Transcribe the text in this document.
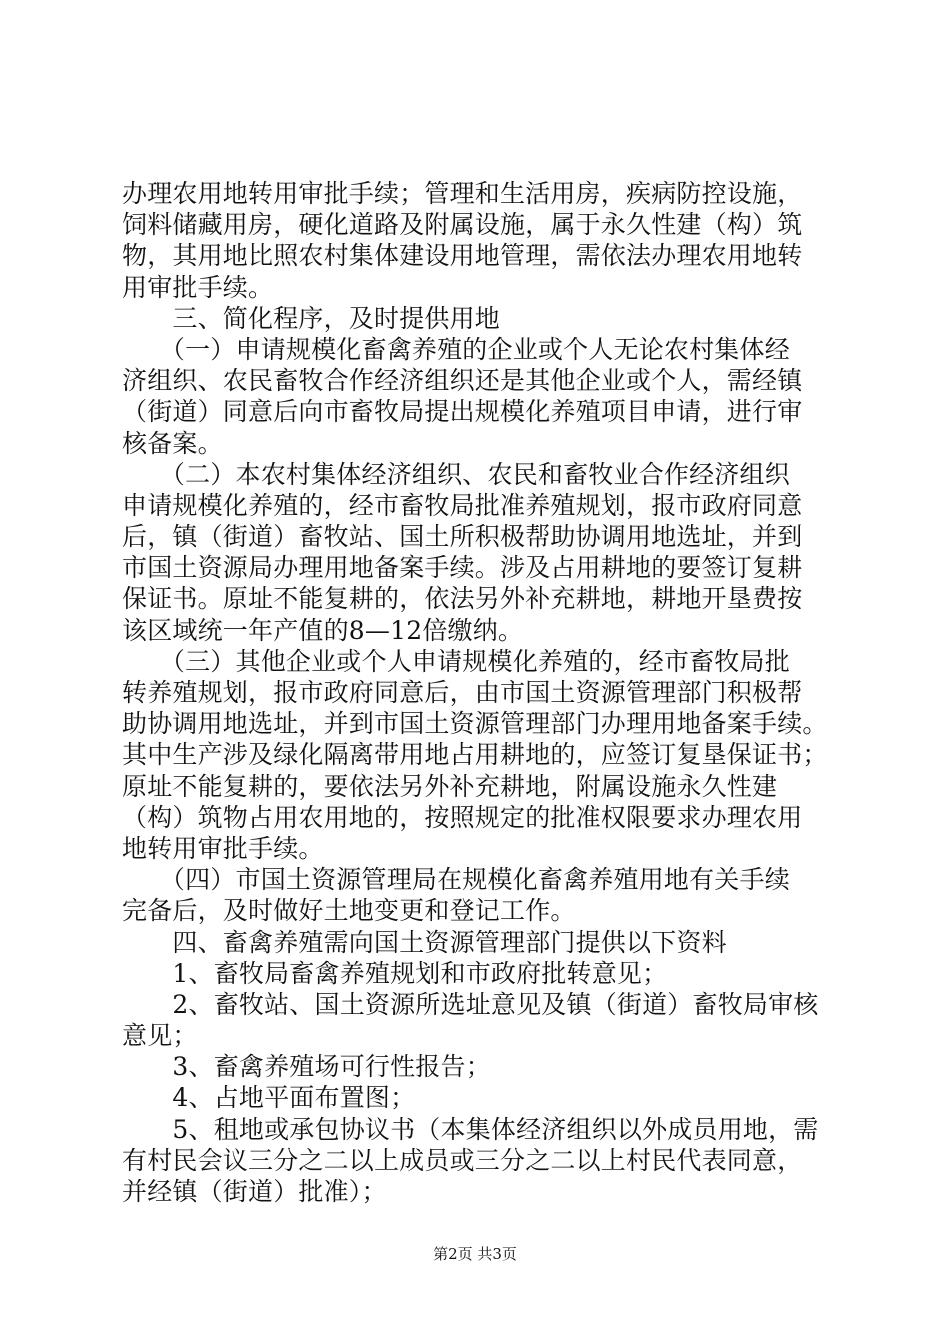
办理农用地转用审批手续；管理和生活用房，疾病防控设施，
饲料储藏用房，硬化道路及附属设施，属于永久性建（构）筑
物，其用地比照农村集体建设用地管理，需依法办理农用地转
用审批手续。
　　三、简化程序，及时提供用地
　　（一）申请规模化畜禽养殖的企业或个人无论农村集体经
济组织、农民畜牧合作经济组织还是其他企业或个人，需经镇
（街道）同意后向市畜牧局提出规模化养殖项目申请，进行审
核备案。
　　（二）本农村集体经济组织、农民和畜牧业合作经济组织
申请规模化养殖的，经市畜牧局批准养殖规划，报市政府同意
后，镇（街道）畜牧站、国土所积极帮助协调用地选址，并到
市国土资源局办理用地备案手续。涉及占用耕地的要签订复耕
保证书。原址不能复耕的，依法另外补充耕地，耕地开垦费按
该区域统一年产值的8—12倍缴纳。
　　（三）其他企业或个人申请规模化养殖的，经市畜牧局批
转养殖规划，报市政府同意后，由市国土资源管理部门积极帮
助协调用地选址，并到市国土资源管理部门办理用地备案手续。
其中生产涉及绿化隔离带用地占用耕地的，应签订复垦保证书；
原址不能复耕的，要依法另外补充耕地，附属设施永久性建
（构）筑物占用农用地的，按照规定的批准权限要求办理农用
地转用审批手续。
　　（四）市国土资源管理局在规模化畜禽养殖用地有关手续
完备后，及时做好土地变更和登记工作。
　　四、畜禽养殖需向国土资源管理部门提供以下资料
　　1、畜牧局畜禽养殖规划和市政府批转意见；
　　2、畜牧站、国土资源所选址意见及镇（街道）畜牧局审核
意见；
　　3、畜禽养殖场可行性报告；
　　4、占地平面布置图；
　　5、租地或承包协议书（本集体经济组织以外成员用地，需
有村民会议三分之二以上成员或三分之二以上村民代表同意，
并经镇（街道）批准）；
第2页 共3页
